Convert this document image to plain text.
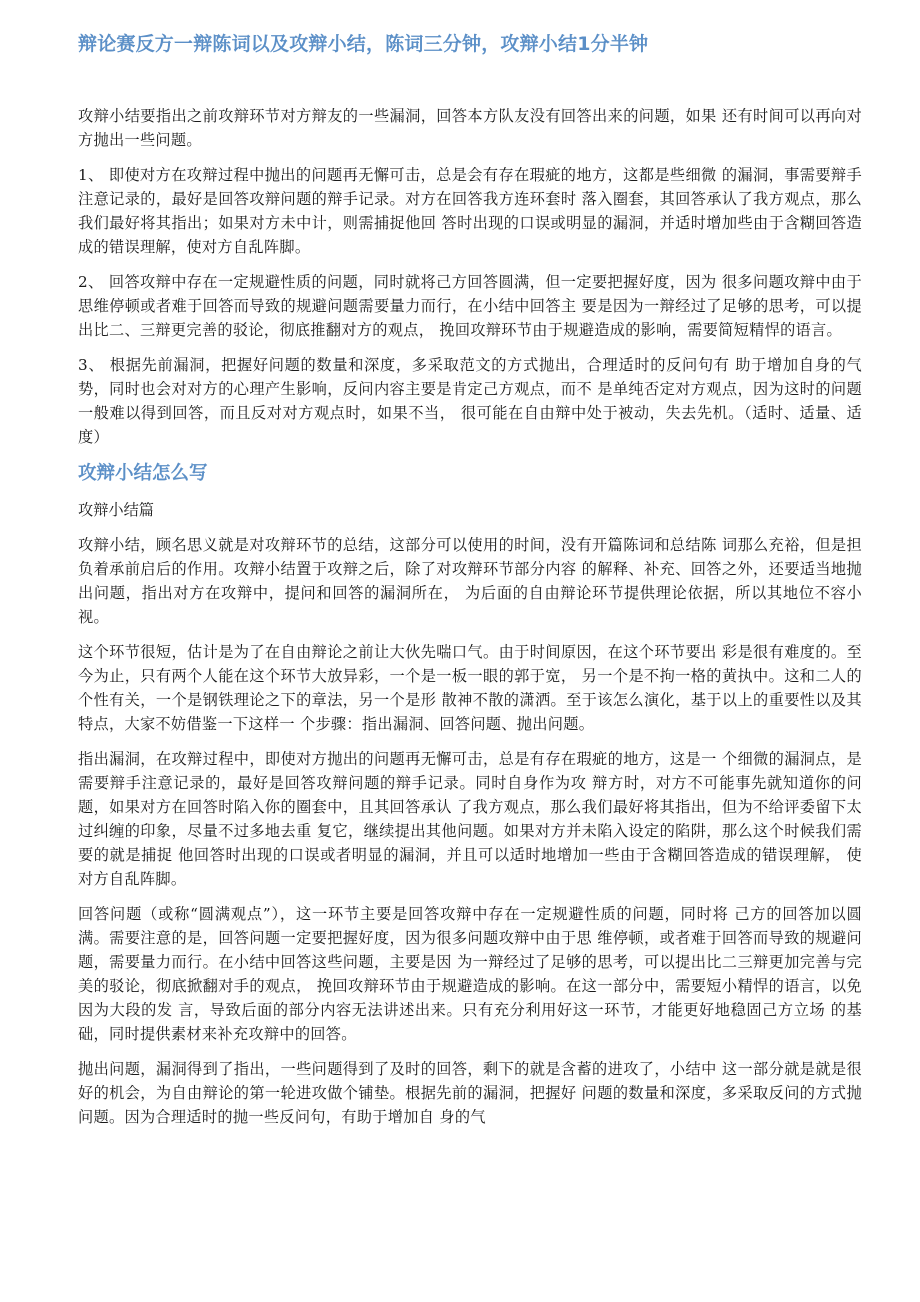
辩论赛反方一辩陈词以及攻辩小结，陈词三分钟，攻辩小结1分半钟

攻辩小结要指出之前攻辩环节对方辩友的一些漏洞，回答本方队友没有回答出来的问题，如果 还有时间可以再向对方抛出一些问题。

1、 即使对方在攻辩过程中抛出的问题再无懈可击，总是会有存在瑕疵的地方，这都是些细微 的漏洞，事需要辩手注意记录的，最好是回答攻辩问题的辩手记录。对方在回答我方连环套时 落入圈套，其回答承认了我方观点，那么我们最好将其指出；如果对方未中计，则需捕捉他回 答时出现的口误或明显的漏洞，并适时增加些由于含糊回答造成的错误理解，使对方自乱阵脚。

2、 回答攻辩中存在一定规避性质的问题，同时就将己方回答圆满，但一定要把握好度，因为 很多问题攻辩中由于思维停顿或者难于回答而导致的规避问题需要量力而行，在小结中回答主 要是因为一辩经过了足够的思考，可以提出比二、三辩更完善的驳论，彻底推翻对方的观点， 挽回攻辩环节由于规避造成的影响，需要简短精悍的语言。

3、 根据先前漏洞，把握好问题的数量和深度，多采取范文的方式抛出，合理适时的反问句有 助于增加自身的气势，同时也会对对方的心理产生影响，反问内容主要是肯定己方观点，而不 是单纯否定对方观点，因为这时的问题一般难以得到回答，而且反对对方观点时，如果不当， 很可能在自由辩中处于被动，失去先机。（适时、适量、适度）

攻辩小结怎么写

攻辩小结篇

攻辩小结，顾名思义就是对攻辩环节的总结，这部分可以使用的时间，没有开篇陈词和总结陈 词那么充裕，但是担负着承前启后的作用。攻辩小结置于攻辩之后，除了对攻辩环节部分内容 的解释、补充、回答之外，还要适当地抛出问题，指出对方在攻辩中，提问和回答的漏洞所在， 为后面的自由辩论环节提供理论依据，所以其地位不容小视。

这个环节很短，估计是为了在自由辩论之前让大伙先喘口气。由于时间原因，在这个环节要出 彩是很有难度的。至今为止，只有两个人能在这个环节大放异彩，一个是一板一眼的郭于宽， 另一个是不拘一格的黄执中。这和二人的个性有关，一个是钢铁理论之下的章法，另一个是形 散神不散的潇洒。至于该怎么演化，基于以上的重要性以及其特点，大家不妨借鉴一下这样一 个步骤：指出漏洞、回答问题、抛出问题。

指出漏洞，在攻辩过程中，即使对方抛出的问题再无懈可击，总是有存在瑕疵的地方，这是一 个细微的漏洞点，是需要辩手注意记录的，最好是回答攻辩问题的辩手记录。同时自身作为攻 辩方时，对方不可能事先就知道你的问题，如果对方在回答时陷入你的圈套中，且其回答承认 了我方观点，那么我们最好将其指出，但为不给评委留下太过纠缠的印象，尽量不过多地去重 复它，继续提出其他问题。如果对方并未陷入设定的陷阱，那么这个时候我们需要的就是捕捉 他回答时出现的口误或者明显的漏洞，并且可以适时地增加一些由于含糊回答造成的错误理解， 使对方自乱阵脚。

回答问题（或称“圆满观点”），这一环节主要是回答攻辩中存在一定规避性质的问题，同时将 己方的回答加以圆满。需要注意的是，回答问题一定要把握好度，因为很多问题攻辩中由于思 维停顿，或者难于回答而导致的规避问题，需要量力而行。在小结中回答这些问题，主要是因 为一辩经过了足够的思考，可以提出比二三辩更加完善与完美的驳论，彻底掀翻对手的观点， 挽回攻辩环节由于规避造成的影响。在这一部分中，需要短小精悍的语言，以免因为大段的发 言，导致后面的部分内容无法讲述出来。只有充分利用好这一环节，才能更好地稳固己方立场 的基础，同时提供素材来补充攻辩中的回答。

抛出问题，漏洞得到了指出，一些问题得到了及时的回答，剩下的就是含蓄的进攻了，小结中 这一部分就是就是很好的机会，为自由辩论的第一轮进攻做个铺垫。根据先前的漏洞，把握好 问题的数量和深度，多采取反问的方式抛问题。因为合理适时的抛一些反问句，有助于增加自 身的气
